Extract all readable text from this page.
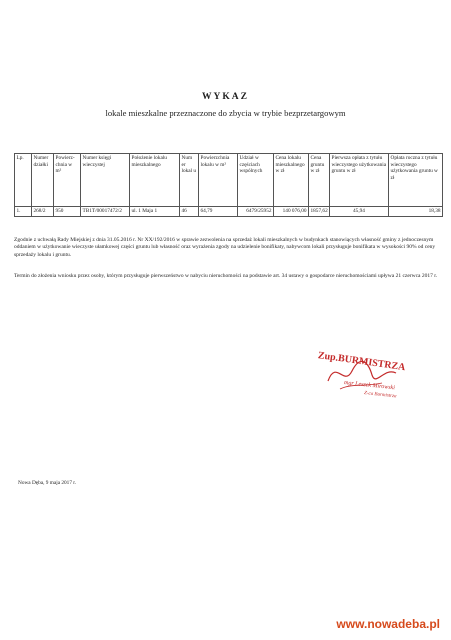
WYKAZ
lokale mieszkalne przeznaczone do zbycia w trybie bezprzetargowym
Lp.	Numer działki	Powierz-chnia w m²	Numer księgi wieczystej	Położenie lokalu mieszkalnego	Num er lokal u	Powierzchnia lokalu w m²	Udział w częściach wspólnych	Cena lokalu mieszkalnego w zł	Cena gruntu w zł	Pierwsza opłata z tytułu wieczystego użytkowania gruntu w zł	Opłata roczna z tytułu wieczystego użytkowania gruntu w zł
1.	268/2	950	TB1T/00017472/2	ul. 1 Maja 1	46	64,79	6479/25952	140 076,00	1857,62	45,94	18,38
Zgodnie z uchwałą Rady Miejskiej z dnia 31.05.2016 r. Nr XX/192/2016 w sprawie zezwolenia na sprzedaż lokali mieszkalnych w budynkach stanowiących własność gminy z jednoczesnym oddaniem w użytkowanie wieczyste ułamkowej części gruntu lub własność oraz wyrażenia zgody na udzielenie bonifikaty, nabywcom lokali przysługuje bonifikata w wysokości 90% od ceny sprzedaży lokalu i gruntu.
Termin do złożenia wniosku przez osoby, którym przysługuje pierwszeństwo w nabyciu nieruchomości na podstawie art. 34 ustawy o gospodarce nieruchomościami upływa 21 czerwca 2017 r.
Zup.BURMISTRZA
mgr Leszek Mirowski
Z-ca Burmistrza
Nowa Dęba, 9 maja 2017 r.
www.nowadeba.pl
